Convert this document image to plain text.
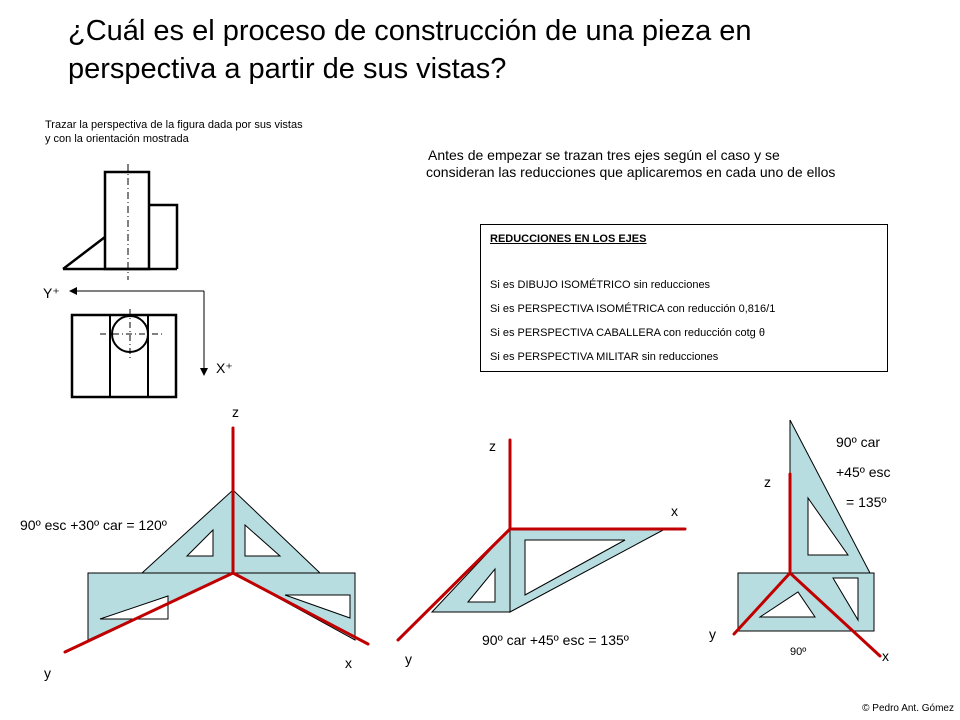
¿Cuál es el proceso de construcción de una pieza en
perspectiva a partir de sus vistas?
Trazar la perspectiva de la figura dada por sus vistas
y con la orientación mostrada
Antes de empezar se trazan tres ejes según el caso y se
consideran las reducciones que aplicaremos en cada uno de ellos
REDUCCIONES EN LOS EJES
Si es DIBUJO ISOMÉTRICO sin reducciones
Si es PERSPECTIVA ISOMÉTRICA con reducción 0,816/1
Si es PERSPECTIVA CABALLERA con reducción cotg θ
Si es PERSPECTIVA MILITAR sin reducciones
Y⁺
X⁺
z
y
x
90º esc +30º car = 120º
z
x
y
90º car +45º esc = 135º
z
y
x
90º car
+45º esc
= 135º
90º
© Pedro Ant. Gómez
